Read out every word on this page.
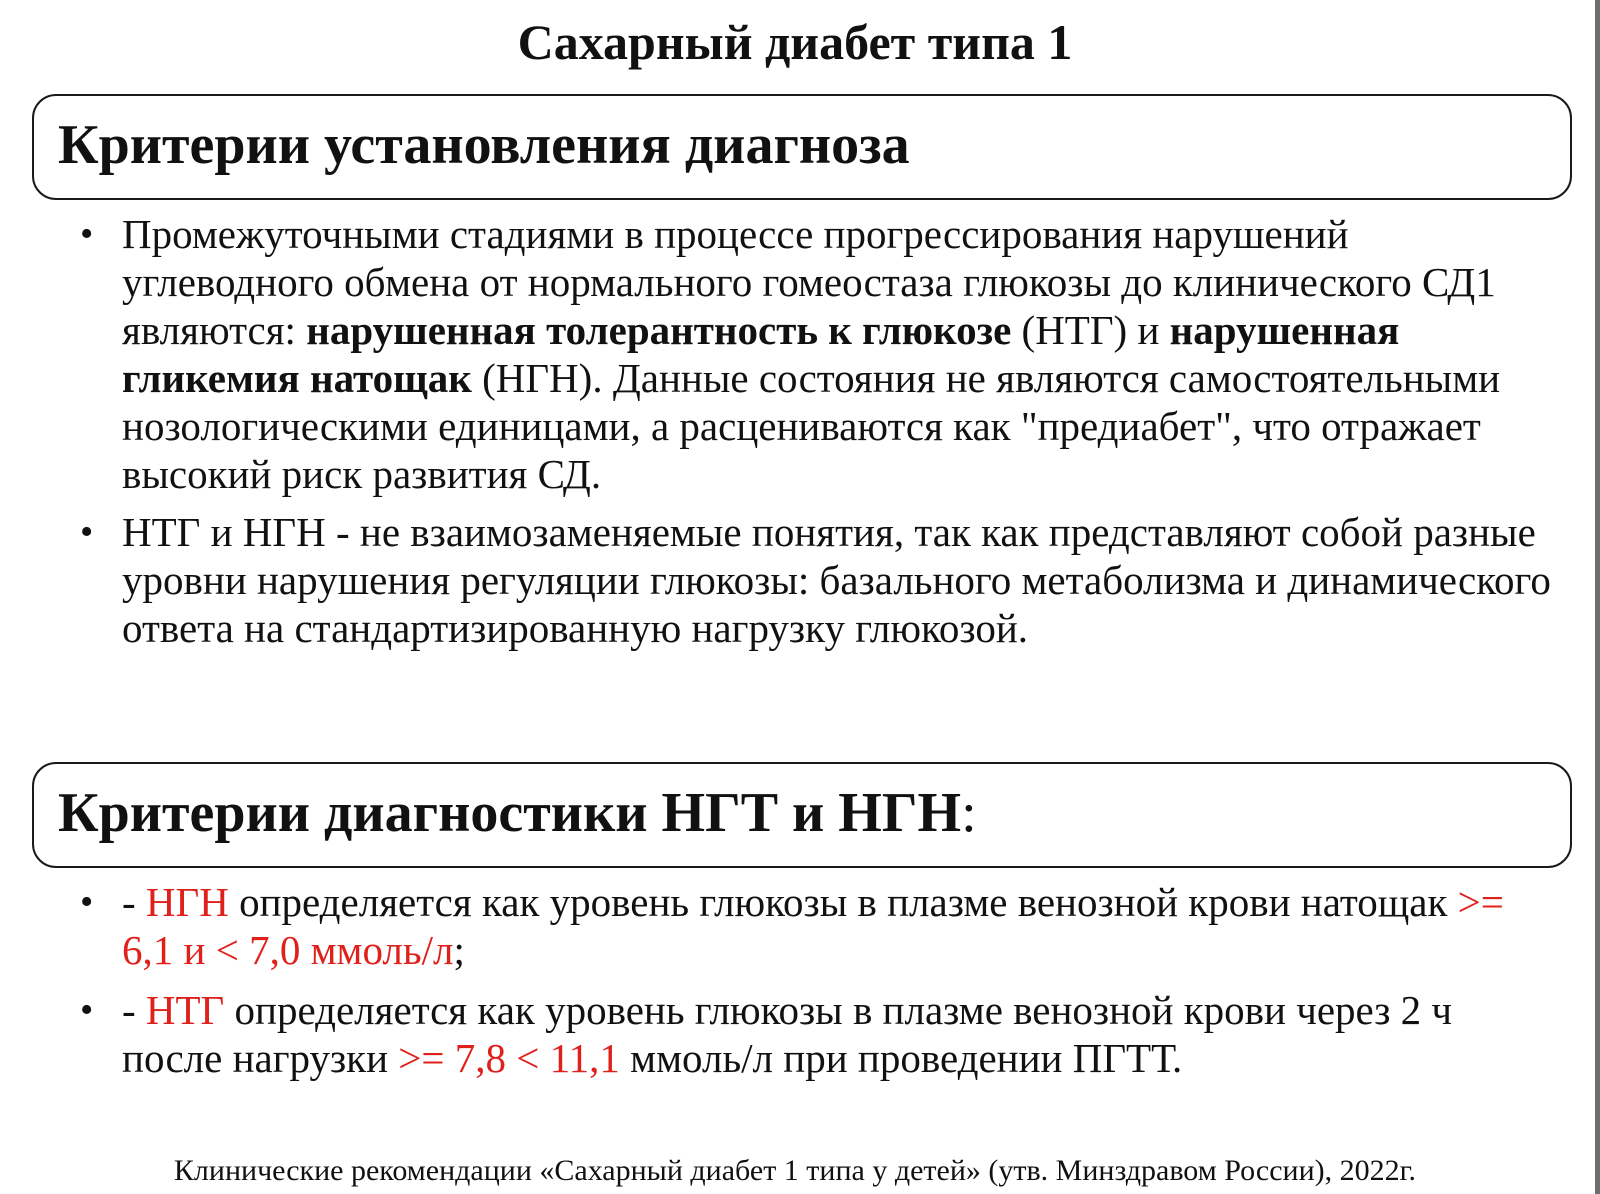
Сахарный диабет типа 1
Критерии установления диагноза
• Промежуточными стадиями в процессе прогрессирования нарушений углеводного обмена от нормального гомеостаза глюкозы до клинического СД1 являются: нарушенная толерантность к глюкозе (НТГ) и нарушенная гликемия натощак (НГН). Данные состояния не являются самостоятельными нозологическими единицами, а расцениваются как "предиабет", что отражает высокий риск развития СД.
• НТГ и НГН - не взаимозаменяемые понятия, так как представляют собой разные уровни нарушения регуляции глюкозы: базального метаболизма и динамического ответа на стандартизированную нагрузку глюкозой.
Критерии диагностики НГТ и НГН:
• - НГН определяется как уровень глюкозы в плазме венозной крови натощак >= 6,1 и < 7,0 ммоль/л;
• - НТГ определяется как уровень глюкозы в плазме венозной крови через 2 ч после нагрузки >= 7,8 < 11,1 ммоль/л при проведении ПГТТ.
Клинические рекомендации «Сахарный диабет 1 типа у детей» (утв. Минздравом России), 2022г.
